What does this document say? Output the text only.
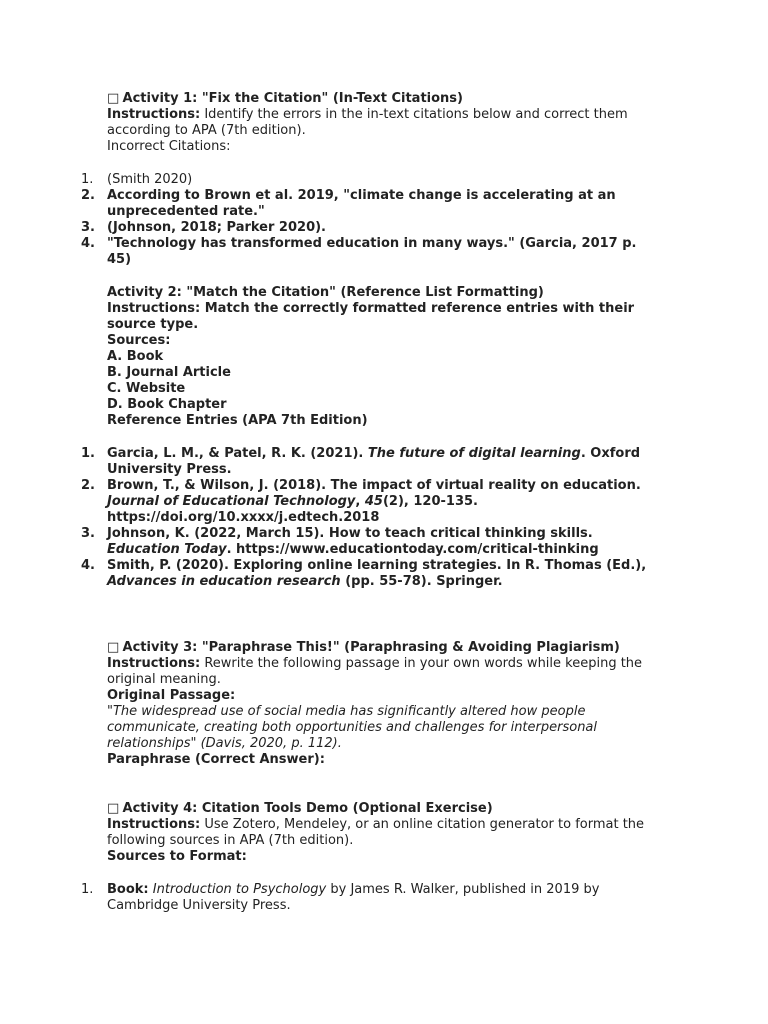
□ Activity 1: "Fix the Citation" (In-Text Citations)

Instructions: Identify the errors in the in-text citations below and correct them according to APA (7th edition).

Incorrect Citations:

1.	(Smith 2020)
2. According to Brown et al. 2019, "climate change is accelerating at an unprecedented rate."
3. (Johnson, 2018; Parker 2020).
4. "Technology has transformed education in many ways." (Garcia, 2017 p. 45)

Activity 2: "Match the Citation" (Reference List Formatting)

Instructions: Match the correctly formatted reference entries with their source type.

Sources:

A. Book

B. Journal Article

C. Website

D. Book Chapter

Reference Entries (APA 7th Edition)

1. Garcia, L. M., & Patel, R. K. (2021). The future of digital learning. Oxford University Press.
2. Brown, T., & Wilson, J. (2018). The impact of virtual reality on education. Journal of Educational Technology, 45(2), 120-135. https://doi.org/10.xxxx/j.edtech.2018
3. Johnson, K. (2022, March 15). How to teach critical thinking skills. Education Today. https://www.educationtoday.com/critical-thinking
4. Smith, P. (2020). Exploring online learning strategies. In R. Thomas (Ed.), Advances in education research (pp. 55-78). Springer.

□ Activity 3: "Paraphrase This!" (Paraphrasing & Avoiding Plagiarism)

Instructions: Rewrite the following passage in your own words while keeping the original meaning.

Original Passage:

"The widespread use of social media has significantly altered how people communicate, creating both opportunities and challenges for interpersonal relationships" (Davis, 2020, p. 112).

Paraphrase (Correct Answer):

□ Activity 4: Citation Tools Demo (Optional Exercise)

Instructions: Use Zotero, Mendeley, or an online citation generator to format the following sources in APA (7th edition).

Sources to Format:

1.	Book: Introduction to Psychology by James R. Walker, published in 2019 by Cambridge University Press.
